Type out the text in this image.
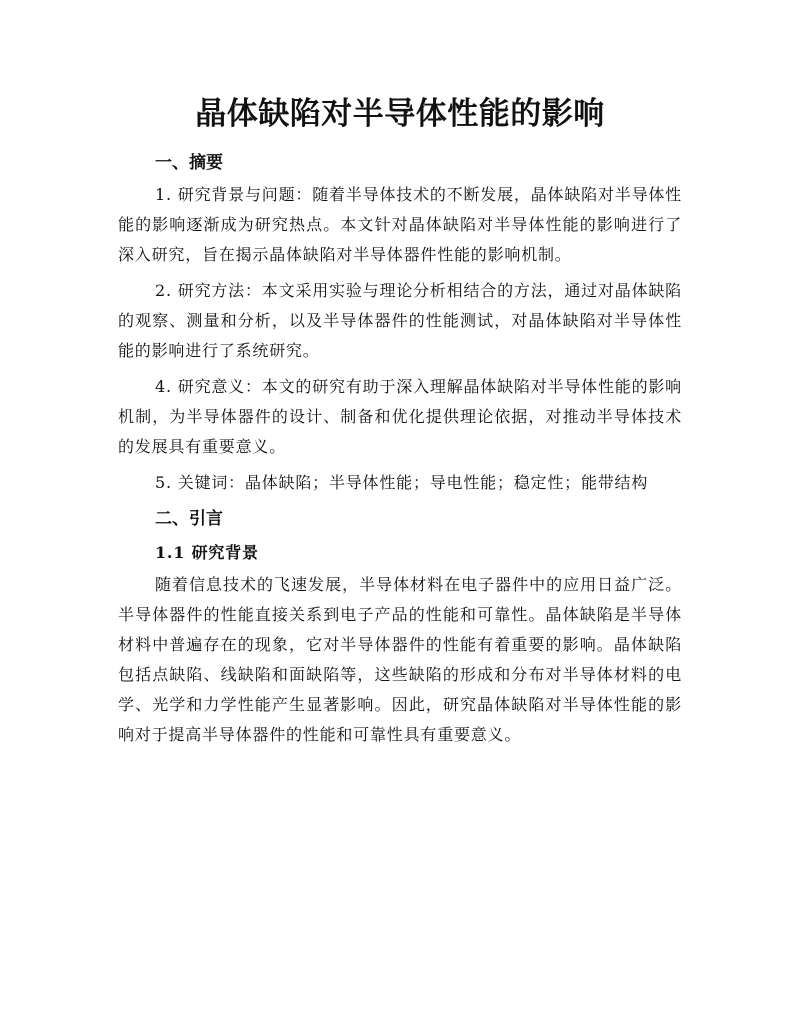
晶体缺陷对半导体性能的影响
一、摘要

1. 研究背景与问题：随着半导体技术的不断发展，晶体缺陷对半导体性能的影响逐渐成为研究热点。本文针对晶体缺陷对半导体性能的影响进行了深入研究，旨在揭示晶体缺陷对半导体器件性能的影响机制。

2. 研究方法：本文采用实验与理论分析相结合的方法，通过对晶体缺陷的观察、测量和分析，以及半导体器件的性能测试，对晶体缺陷对半导体性能的影响进行了系统研究。

4. 研究意义：本文的研究有助于深入理解晶体缺陷对半导体性能的影响机制，为半导体器件的设计、制备和优化提供理论依据，对推动半导体技术的发展具有重要意义。

5. 关键词：晶体缺陷；半导体性能；导电性能；稳定性；能带结构

二、引言
1.1 研究背景

随着信息技术的飞速发展，半导体材料在电子器件中的应用日益广泛。半导体器件的性能直接关系到电子产品的性能和可靠性。晶体缺陷是半导体材料中普遍存在的现象，它对半导体器件的性能有着重要的影响。晶体缺陷包括点缺陷、线缺陷和面缺陷等，这些缺陷的形成和分布对半导体材料的电学、光学和力学性能产生显著影响。因此，研究晶体缺陷对半导体性能的影响对于提高半导体器件的性能和可靠性具有重要意义。
